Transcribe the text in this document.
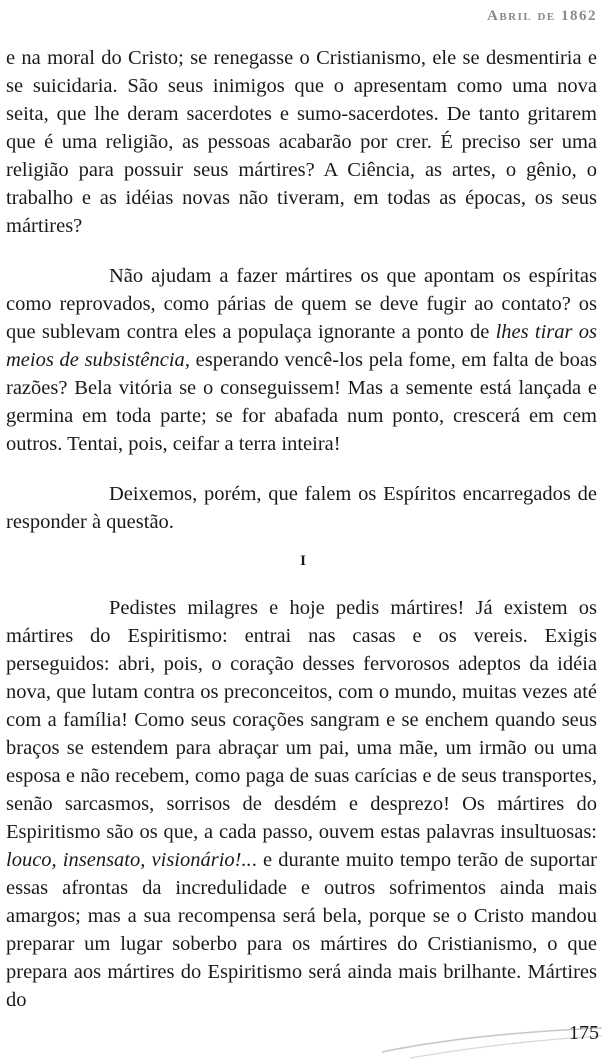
Abril de 1862

e na moral do Cristo; se renegasse o Cristianismo, ele se desmentiria e se suicidaria. São seus inimigos que o apresentam como uma nova seita, que lhe deram sacerdotes e sumo-sacerdotes. De tanto gritarem que é uma religião, as pessoas acabarão por crer. É preciso ser uma religião para possuir seus mártires? A Ciência, as artes, o gênio, o trabalho e as idéias novas não tiveram, em todas as épocas, os seus mártires?

Não ajudam a fazer mártires os que apontam os espíritas como reprovados, como párias de quem se deve fugir ao contato? os que sublevam contra eles a populaça ignorante a ponto de lhes tirar os meios de subsistência, esperando vencê-los pela fome, em falta de boas razões? Bela vitória se o conseguissem! Mas a semente está lançada e germina em toda parte; se for abafada num ponto, crescerá em cem outros. Tentai, pois, ceifar a terra inteira!

Deixemos, porém, que falem os Espíritos encarregados de responder à questão.

I

Pedistes milagres e hoje pedis mártires! Já existem os mártires do Espiritismo: entrai nas casas e os vereis. Exigis perseguidos: abri, pois, o coração desses fervorosos adeptos da idéia nova, que lutam contra os preconceitos, com o mundo, muitas vezes até com a família! Como seus corações sangram e se enchem quando seus braços se estendem para abraçar um pai, uma mãe, um irmão ou uma esposa e não recebem, como paga de suas carícias e de seus transportes, senão sarcasmos, sorrisos de desdém e desprezo! Os mártires do Espiritismo são os que, a cada passo, ouvem estas palavras insultuosas: louco, insensato, visionário!... e durante muito tempo terão de suportar essas afrontas da incredulidade e outros sofrimentos ainda mais amargos; mas a sua recompensa será bela, porque se o Cristo mandou preparar um lugar soberbo para os mártires do Cristianismo, o que prepara aos mártires do Espiritismo será ainda mais brilhante. Mártires do

175
